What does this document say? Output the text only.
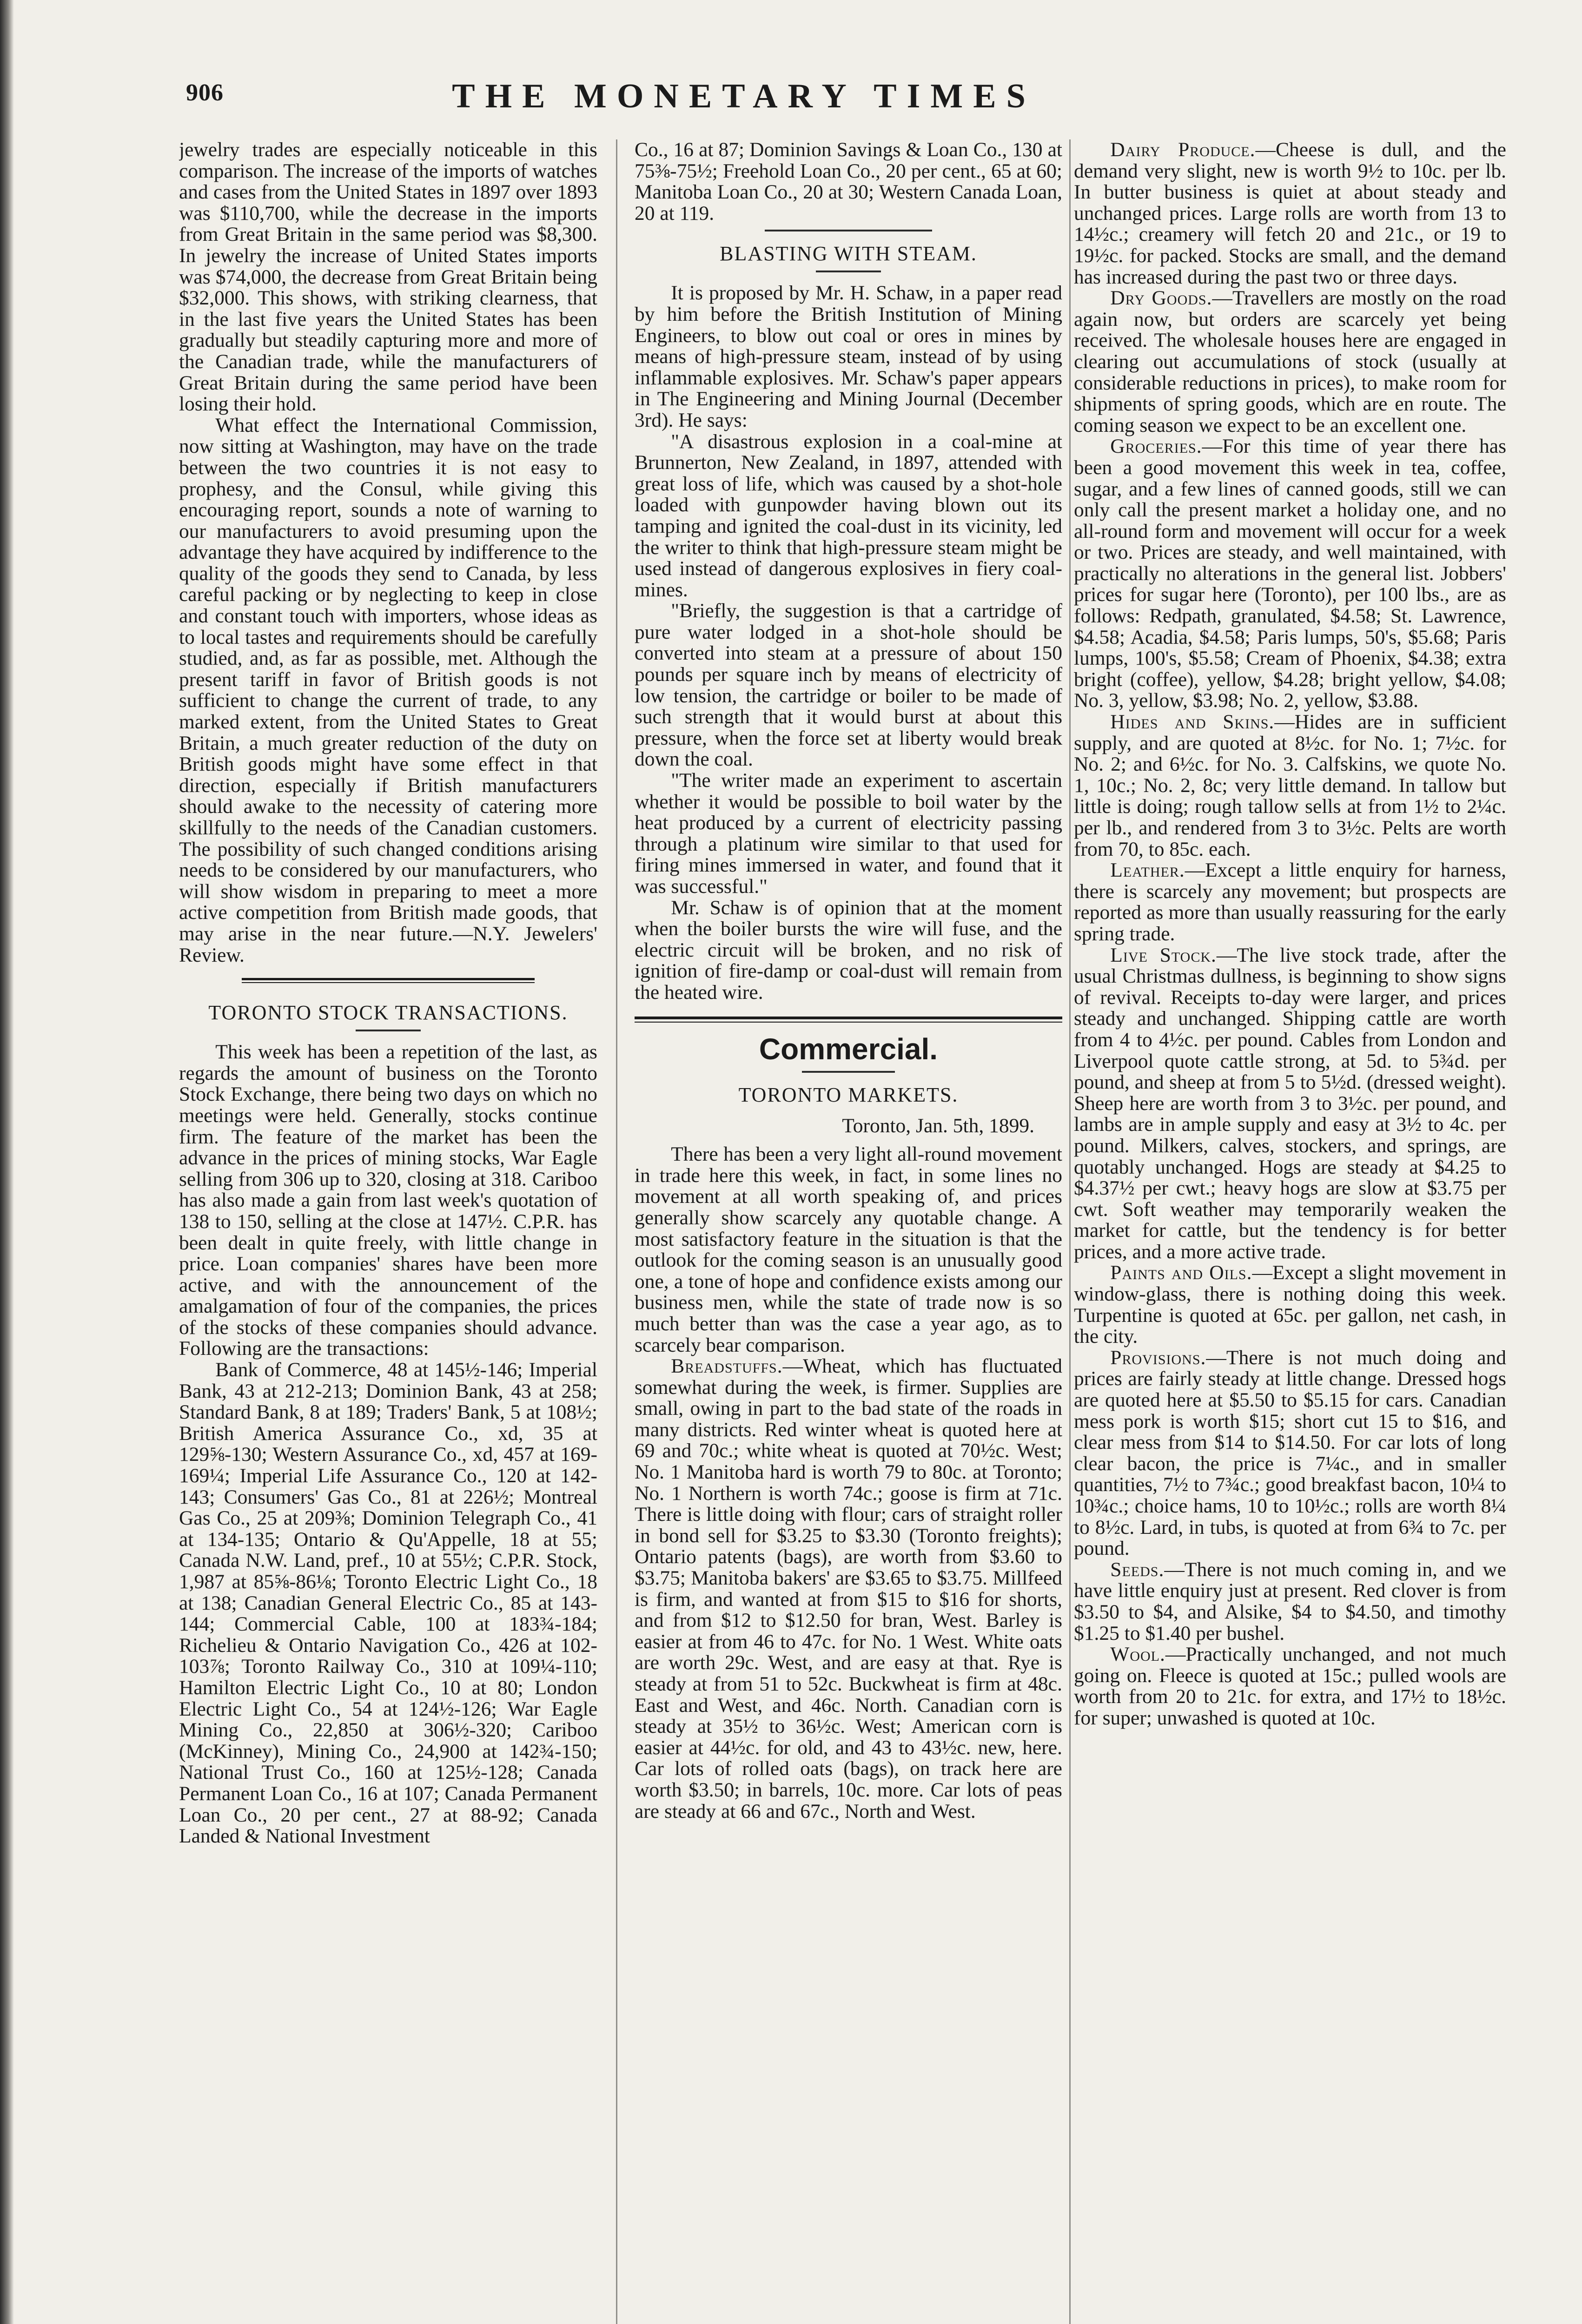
906	THE MONETARY TIMES

jewelry trades are especially noticeable in this comparison. The increase of the imports of watches and cases from the United States in 1897 over 1893 was $110,700, while the decrease in the imports from Great Britain in the same period was $8,300. In jewelry the increase of United States imports was $74,000, the decrease from Great Britain being $32,000. This shows, with striking clearness, that in the last five years the United States has been gradually but steadily capturing more and more of the Canadian trade, while the manufacturers of Great Britain during the same period have been losing their hold.

What effect the International Commission, now sitting at Washington, may have on the trade between the two countries it is not easy to prophesy, and the Consul, while giving this encouraging report, sounds a note of warning to our manufacturers to avoid presuming upon the advantage they have acquired by indifference to the quality of the goods they send to Canada, by less careful packing or by neglecting to keep in close and constant touch with importers, whose ideas as to local tastes and requirements should be carefully studied, and, as far as possible, met. Although the present tariff in favor of British goods is not sufficient to change the current of trade, to any marked extent, from the United States to Great Britain, a much greater reduction of the duty on British goods might have some effect in that direction, especially if British manufacturers should awake to the necessity of catering more skillfully to the needs of the Canadian customers. The possibility of such changed conditions arising needs to be considered by our manufacturers, who will show wisdom in preparing to meet a more active competition from British made goods, that may arise in the near future.—N.Y. Jewelers' Review.

TORONTO STOCK TRANSACTIONS.

This week has been a repetition of the last, as regards the amount of business on the Toronto Stock Exchange, there being two days on which no meetings were held. Generally, stocks continue firm. The feature of the market has been the advance in the prices of mining stocks, War Eagle selling from 306 up to 320, closing at 318. Cariboo has also made a gain from last week's quotation of 138 to 150, selling at the close at 147½. C.P.R. has been dealt in quite freely, with little change in price. Loan companies' shares have been more active, and with the announcement of the amalgamation of four of the companies, the prices of the stocks of these companies should advance. Following are the transactions:

Bank of Commerce, 48 at 145½-146; Imperial Bank, 43 at 212-213; Dominion Bank, 43 at 258; Standard Bank, 8 at 189; Traders' Bank, 5 at 108½; British America Assurance Co., xd, 35 at 129⅝-130; Western Assurance Co., xd, 457 at 169-169¼; Imperial Life Assurance Co., 120 at 142-143; Consumers' Gas Co., 81 at 226½; Montreal Gas Co., 25 at 209⅜; Dominion Telegraph Co., 41 at 134-135; Ontario & Qu'Appelle, 18 at 55; Canada N.W. Land, pref., 10 at 55½; C.P.R. Stock, 1,987 at 85⅝-86⅛; Toronto Electric Light Co., 18 at 138; Canadian General Electric Co., 85 at 143-144; Commercial Cable, 100 at 183¾-184; Richelieu & Ontario Navigation Co., 426 at 102-103⅞; Toronto Railway Co., 310 at 109¼-110; Hamilton Electric Light Co., 10 at 80; London Electric Light Co., 54 at 124½-126; War Eagle Mining Co., 22,850 at 306½-320; Cariboo (McKinney), Mining Co., 24,900 at 142¾-150; National Trust Co., 160 at 125½-128; Canada Permanent Loan Co., 16 at 107; Canada Permanent Loan Co., 20 per cent., 27 at 88-92; Canada Landed & National Investment

Co., 16 at 87; Dominion Savings & Loan Co., 130 at 75⅜-75½; Freehold Loan Co., 20 per cent., 65 at 60; Manitoba Loan Co., 20 at 30; Western Canada Loan, 20 at 119.

BLASTING WITH STEAM.

It is proposed by Mr. H. Schaw, in a paper read by him before the British Institution of Mining Engineers, to blow out coal or ores in mines by means of high-pressure steam, instead of by using inflammable explosives. Mr. Schaw's paper appears in The Engineering and Mining Journal (December 3rd). He says:

"A disastrous explosion in a coal-mine at Brunnerton, New Zealand, in 1897, attended with great loss of life, which was caused by a shot-hole loaded with gunpowder having blown out its tamping and ignited the coal-dust in its vicinity, led the writer to think that high-pressure steam might be used instead of dangerous explosives in fiery coal-mines.

"Briefly, the suggestion is that a cartridge of pure water lodged in a shot-hole should be converted into steam at a pressure of about 150 pounds per square inch by means of electricity of low tension, the cartridge or boiler to be made of such strength that it would burst at about this pressure, when the force set at liberty would break down the coal.

"The writer made an experiment to ascertain whether it would be possible to boil water by the heat produced by a current of electricity passing through a platinum wire similar to that used for firing mines immersed in water, and found that it was successful."

Mr. Schaw is of opinion that at the moment when the boiler bursts the wire will fuse, and the electric circuit will be broken, and no risk of ignition of fire-damp or coal-dust will remain from the heated wire.

Commercial.
TORONTO MARKETS.
Toronto, Jan. 5th, 1899.

There has been a very light all-round movement in trade here this week, in fact, in some lines no movement at all worth speaking of, and prices generally show scarcely any quotable change. A most satisfactory feature in the situation is that the outlook for the coming season is an unusually good one, a tone of hope and confidence exists among our business men, while the state of trade now is so much better than was the case a year ago, as to scarcely bear comparison.

Breadstuffs.—Wheat, which has fluctuated somewhat during the week, is firmer. Supplies are small, owing in part to the bad state of the roads in many districts. Red winter wheat is quoted here at 69 and 70c.; white wheat is quoted at 70½c. West; No. 1 Manitoba hard is worth 79 to 80c. at Toronto; No. 1 Northern is worth 74c.; goose is firm at 71c. There is little doing with flour; cars of straight roller in bond sell for $3.25 to $3.30 (Toronto freights); Ontario patents (bags), are worth from $3.60 to $3.75; Manitoba bakers' are $3.65 to $3.75. Millfeed is firm, and wanted at from $15 to $16 for shorts, and from $12 to $12.50 for bran, West. Barley is easier at from 46 to 47c. for No. 1 West. White oats are worth 29c. West, and are easy at that. Rye is steady at from 51 to 52c. Buckwheat is firm at 48c. East and West, and 46c. North. Canadian corn is steady at 35½ to 36½c. West; American corn is easier at 44½c. for old, and 43 to 43½c. new, here. Car lots of rolled oats (bags), on track here are worth $3.50; in barrels, 10c. more. Car lots of peas are steady at 66 and 67c., North and West.

Dairy Produce.—Cheese is dull, and the demand very slight, new is worth 9½ to 10c. per lb. In butter business is quiet at about steady and unchanged prices. Large rolls are worth from 13 to 14½c.; creamery will fetch 20 and 21c., or 19 to 19½c. for packed. Stocks are small, and the demand has increased during the past two or three days.

Dry Goods.—Travellers are mostly on the road again now, but orders are scarcely yet being received. The wholesale houses here are engaged in clearing out accumulations of stock (usually at considerable reductions in prices), to make room for shipments of spring goods, which are en route. The coming season we expect to be an excellent one.

Groceries.—For this time of year there has been a good movement this week in tea, coffee, sugar, and a few lines of canned goods, still we can only call the present market a holiday one, and no all-round form and movement will occur for a week or two. Prices are steady, and well maintained, with practically no alterations in the general list. Jobbers' prices for sugar here (Toronto), per 100 lbs., are as follows: Redpath, granulated, $4.58; St. Lawrence, $4.58; Acadia, $4.58; Paris lumps, 50's, $5.68; Paris lumps, 100's, $5.58; Cream of Phoenix, $4.38; extra bright (coffee), yellow, $4.28; bright yellow, $4.08; No. 3, yellow, $3.98; No. 2, yellow, $3.88.

Hides and Skins.—Hides are in sufficient supply, and are quoted at 8½c. for No. 1; 7½c. for No. 2; and 6½c. for No. 3. Calfskins, we quote No. 1, 10c.; No. 2, 8c; very little demand. In tallow but little is doing; rough tallow sells at from 1½ to 2¼c. per lb., and rendered from 3 to 3½c. Pelts are worth from 70, to 85c. each.

Leather.—Except a little enquiry for harness, there is scarcely any movement; but prospects are reported as more than usually reassuring for the early spring trade.

Live Stock.—The live stock trade, after the usual Christmas dullness, is beginning to show signs of revival. Receipts to-day were larger, and prices steady and unchanged. Shipping cattle are worth from 4 to 4½c. per pound. Cables from London and Liverpool quote cattle strong, at 5d. to 5¾d. per pound, and sheep at from 5 to 5½d. (dressed weight). Sheep here are worth from 3 to 3½c. per pound, and lambs are in ample supply and easy at 3½ to 4c. per pound. Milkers, calves, stockers, and springs, are quotably unchanged. Hogs are steady at $4.25 to $4.37½ per cwt.; heavy hogs are slow at $3.75 per cwt. Soft weather may temporarily weaken the market for cattle, but the tendency is for better prices, and a more active trade.

Paints and Oils.—Except a slight movement in window-glass, there is nothing doing this week. Turpentine is quoted at 65c. per gallon, net cash, in the city.

Provisions.—There is not much doing and prices are fairly steady at little change. Dressed hogs are quoted here at $5.50 to $5.15 for cars. Canadian mess pork is worth $15; short cut 15 to $16, and clear mess from $14 to $14.50. For car lots of long clear bacon, the price is 7¼c., and in smaller quantities, 7½ to 7¾c.; good breakfast bacon, 10¼ to 10¾c.; choice hams, 10 to 10½c.; rolls are worth 8¼ to 8½c. Lard, in tubs, is quoted at from 6¾ to 7c. per pound.

Seeds.—There is not much coming in, and we have little enquiry just at present. Red clover is from $3.50 to $4, and Alsike, $4 to $4.50, and timothy $1.25 to $1.40 per bushel.

Wool.—Practically unchanged, and not much going on. Fleece is quoted at 15c.; pulled wools are worth from 20 to 21c. for extra, and 17½ to 18½c. for super; unwashed is quoted at 10c.
